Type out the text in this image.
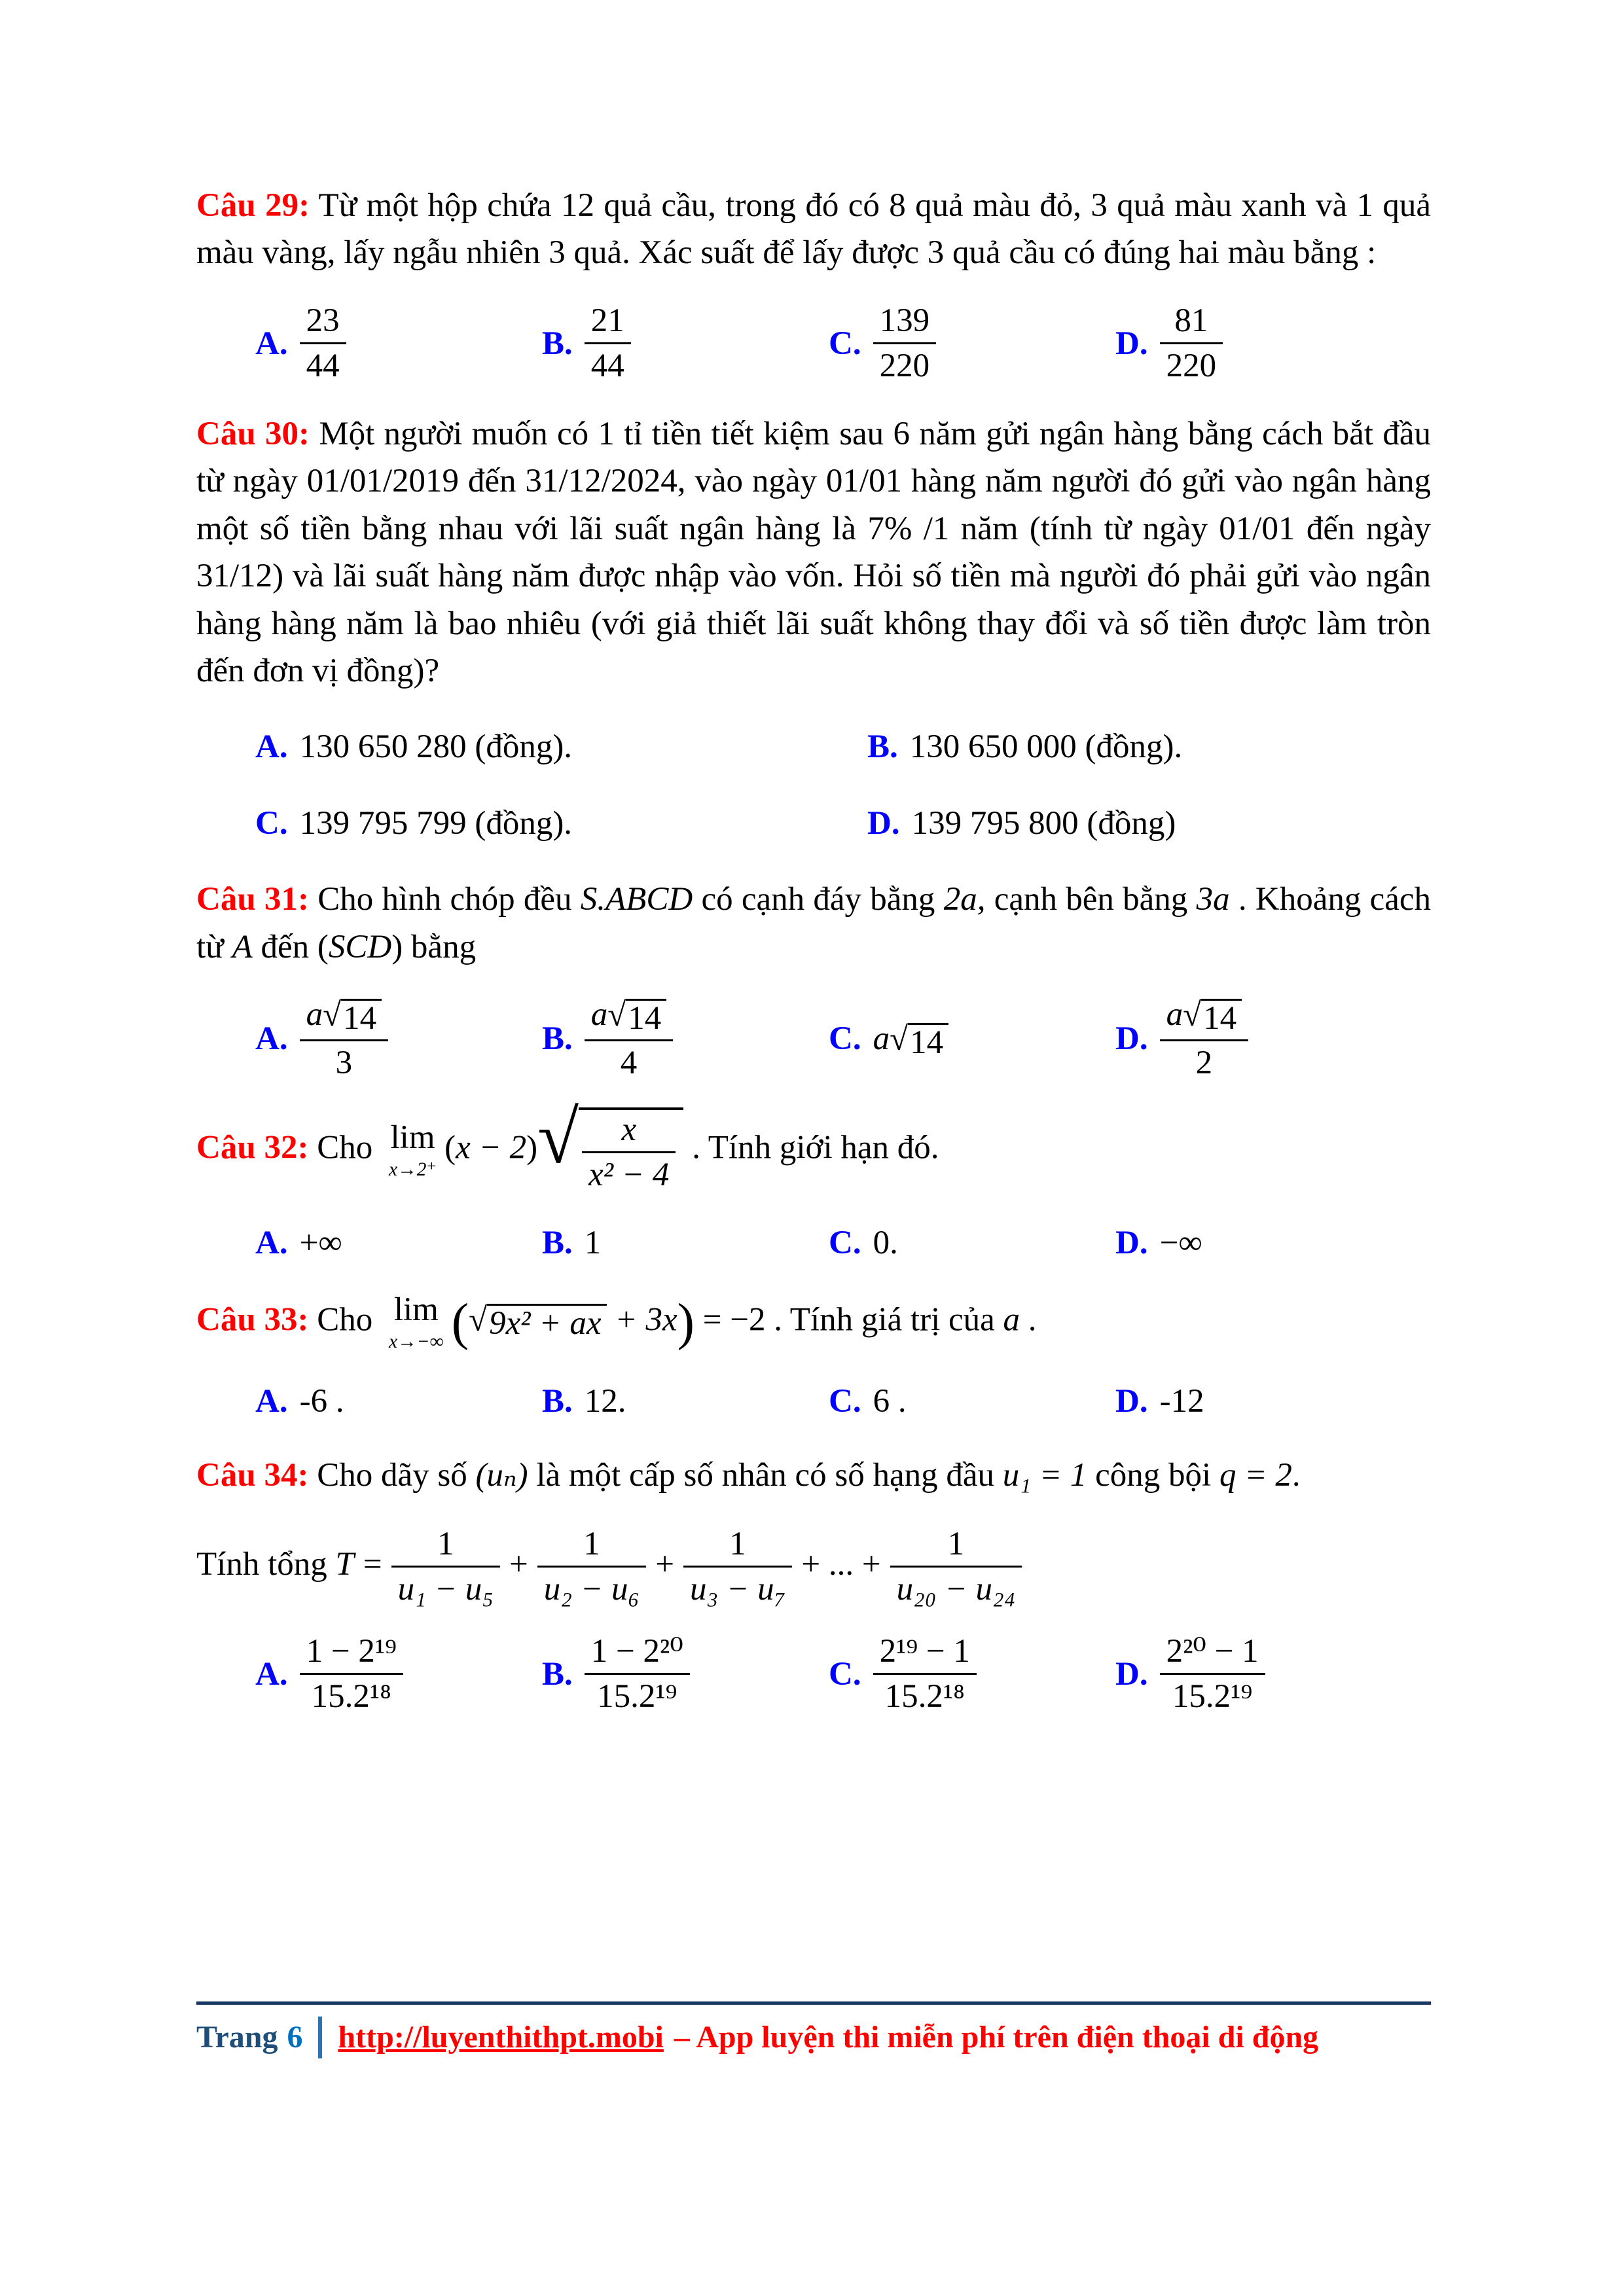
Câu 29: Từ một hộp chứa 12 quả cầu, trong đó có 8 quả màu đỏ, 3 quả màu xanh và 1 quả màu vàng, lấy ngẫu nhiên 3 quả. Xác suất để lấy được 3 quả cầu có đúng hai màu bằng :

A. $\frac{23}{44}$	B. $\frac{21}{44}$	C. $\frac{139}{220}$	D. $\frac{81}{220}$

Câu 30: Một người muốn có 1 tỉ tiền tiết kiệm sau 6 năm gửi ngân hàng bằng cách bắt đầu từ ngày 01/01/2019 đến 31/12/2024, vào ngày 01/01 hàng năm người đó gửi vào ngân hàng một số tiền bằng nhau với lãi suất ngân hàng là 7% /1 năm (tính từ ngày 01/01 đến ngày 31/12) và lãi suất hàng năm được nhập vào vốn. Hỏi số tiền mà người đó phải gửi vào ngân hàng hàng năm là bao nhiêu (với giả thiết lãi suất không thay đổi và số tiền được làm tròn đến đơn vị đồng)?

A. 130 650 280 (đồng).	B. 130 650 000 (đồng).
C. 139 795 799 (đồng).	D. 139 795 800 (đồng)

Câu 31: Cho hình chóp đều S.ABCD có cạnh đáy bằng 2a, cạnh bên bằng 3a . Khoảng cách từ A đến (SCD) bằng

A. $\frac{a √ 14}{3}$	B. $\frac{a √ 14}{4}$	C. a √ 14	D. $\frac{a √ 14}{2}$

Câu 32: Cho lim
x→2⁺
(x − 2) √ $\frac{x}{\text{x² − 4}}$ . Tính giới hạn đó.

A. +∞	B. 1	C. 0.	D. −∞

Câu 33: Cho lim
x→−∞ ( √ 9x² + ax + 3x) = −2 . Tính giá trị của a .

A. -6 .	B. 12.	C. 6 .	D. -12

Câu 34: Cho dãy số (uₙ) là một cấp số nhân có số hạng đầu u₁ = 1 công bội q = 2.

Tính tổng $T = \frac{1}{\text{u₁ − u₅}} + \frac{1}{\text{u₂ − u₆}} + \frac{1}{\text{u₃ − u₇}}$ + ... + $\frac{1}{\text{u₂₀ − u₂₄}}$

A. $\frac{\text{1 − 2¹⁹}}{\text{15.2¹⁸}}$	B. $\frac{\text{1 − 2²⁰}}{\text{15.2¹⁹}}$	C. $\frac{\text{2¹⁹ − 1}}{\text{15.2¹⁸}}$	D. $\frac{\text{2²⁰ − 1}}{\text{15.2¹⁹}}$
Trang 6 http://luyenthithpt.mobi – App luyện thi miễn phí trên điện thoại di động
